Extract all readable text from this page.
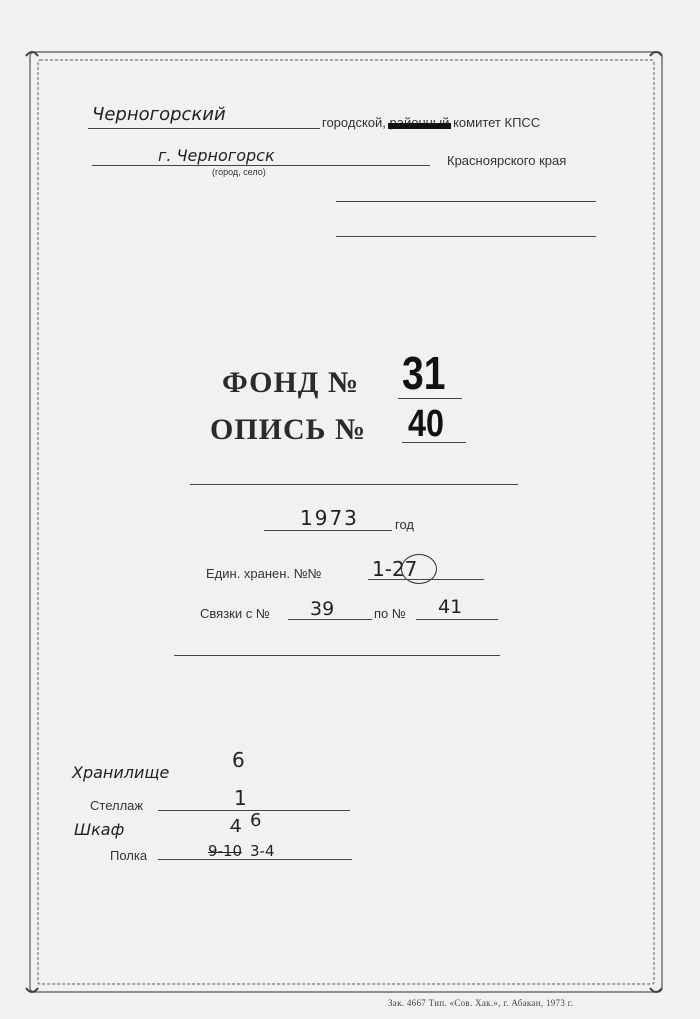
Черногорский	городской, районный комитет КПСС
г. Черногорск
(город, село)
Красноярского края
ФОНД № 31
ОПИСЬ № 40
1973	год
Един. хранен. №№	1-27
Связки с № 39	по № 41
Хранилище
6
Стеллаж	1
Шкаф	4 6
Полка	9-10 3-4
Зак. 4667 Тип. «Сов. Хак.», г. Абакан, 1973 г.
